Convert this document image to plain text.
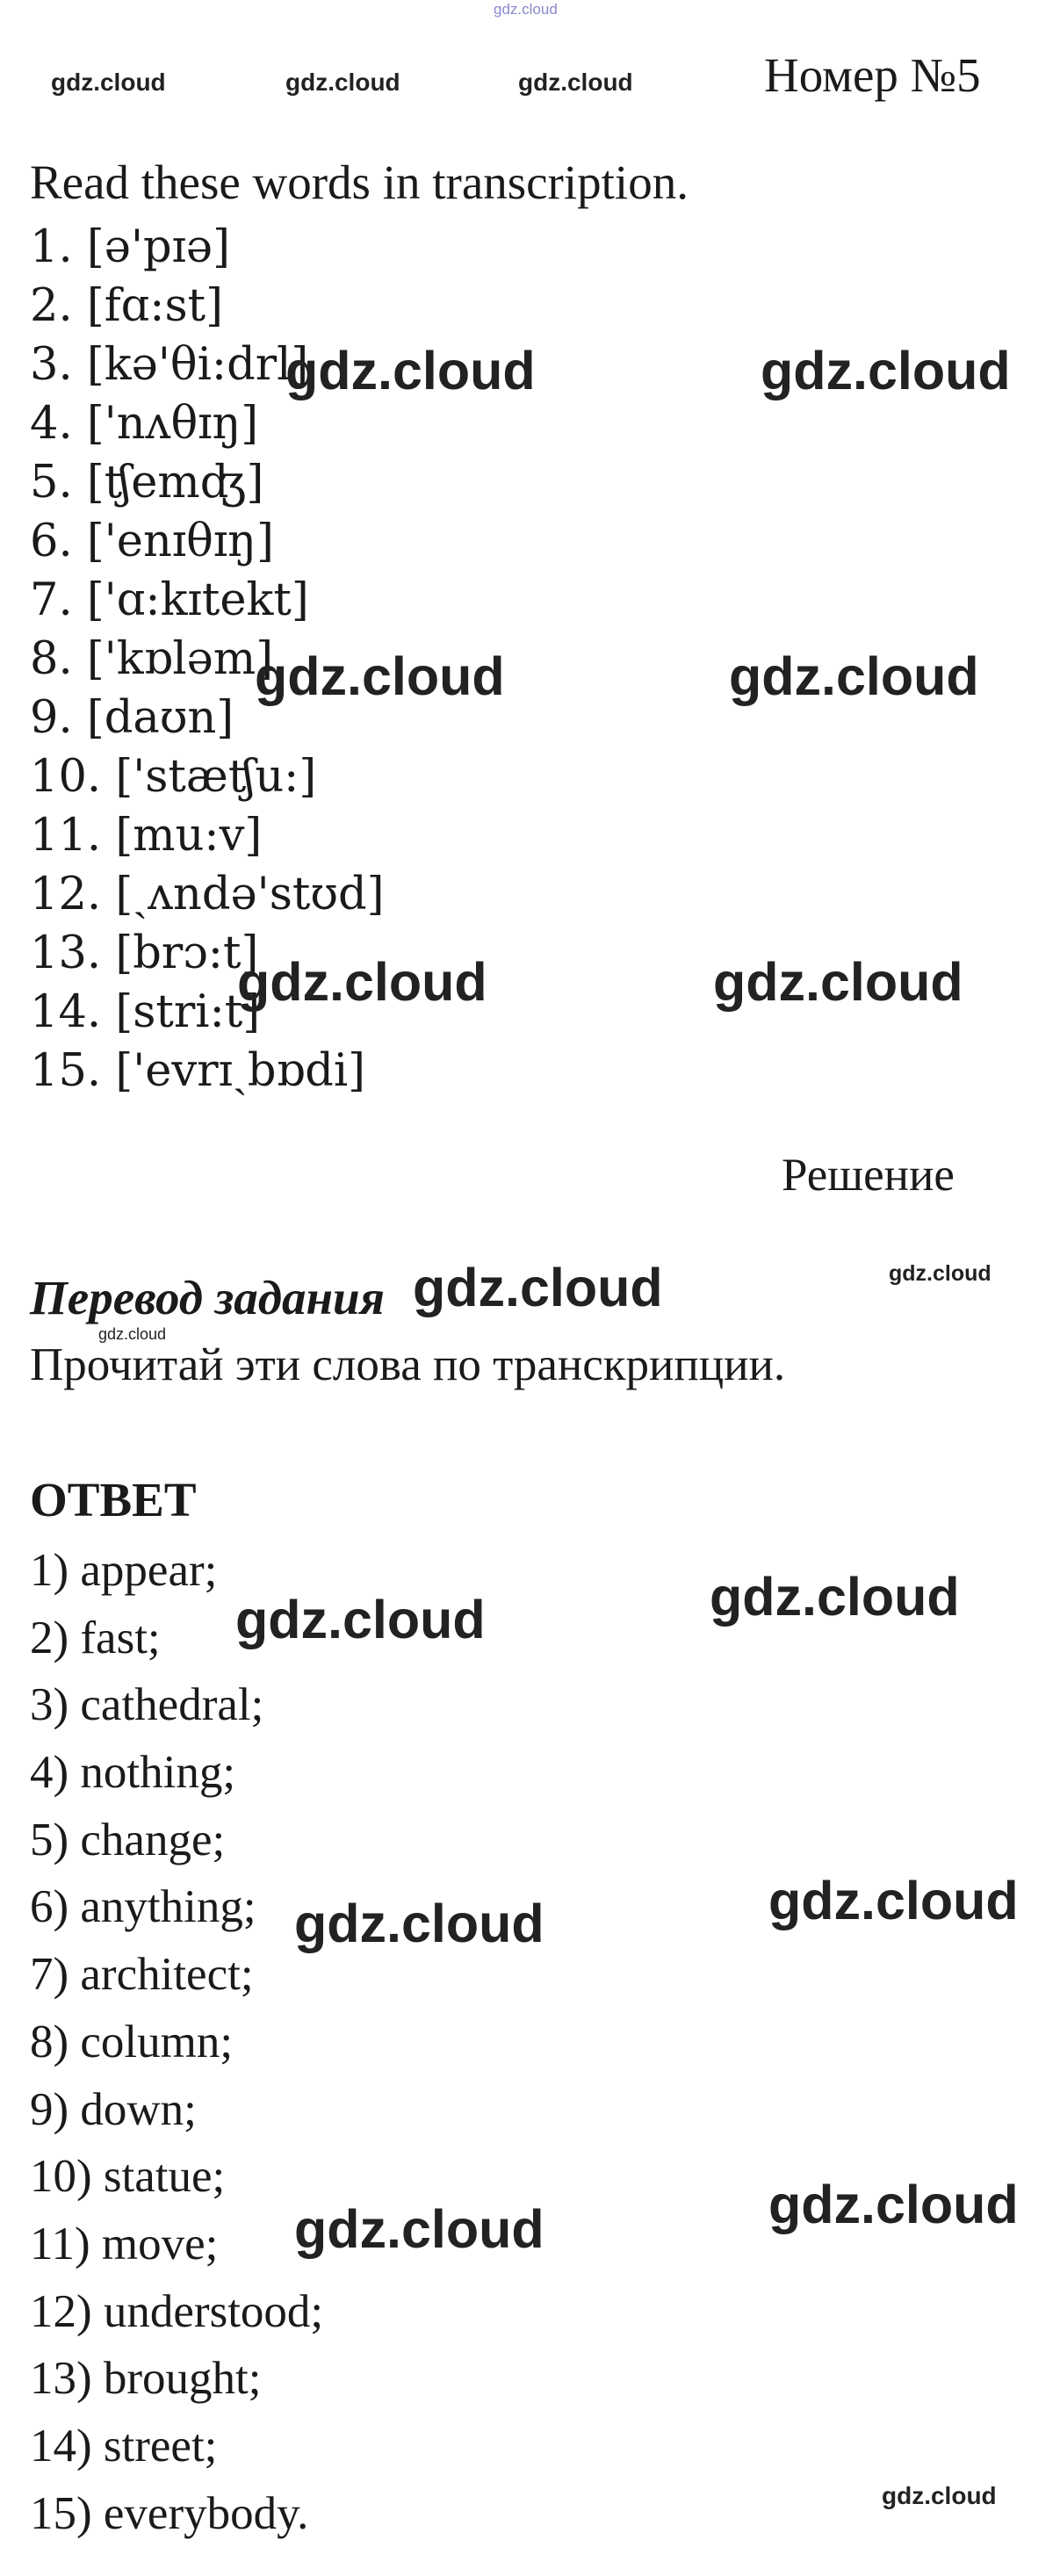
gdz.cloud
gdz.cloud	gdz.cloud	gdz.cloud	Номер №5
Read these words in transcription.
1. [ə'pɪə]
2. [fɑ:st]
3. [kə'θi:drl]
4. ['nʌθɪŋ]
5. [ʧemʤ]
6. ['enɪθɪŋ]
7. ['ɑ:kɪtekt]
8. ['kɒləm]
9. [daʊn]
10. ['stæʧu:]
11. [mu:v]
12. [ˏʌndə'stʊd]
13. [brɔ:t]
14. [stri:t]
15. ['evrɪˏbɒdi]
gdz.cloud	gdz.cloud
gdz.cloud	gdz.cloud
gdz.cloud	gdz.cloud
Решение
Перевод задания gdz.cloud	gdz.cloud
gdz.cloud
Прочитай эти слова по транскрипции.
ОТВЕТ
1) appear;
2) fast;
3) cathedral;
4) nothing;
5) change;
6) anything;
7) architect;
8) column;
9) down;
10) statue;
11) move;
12) understood;
13) brought;
14) street;
15) everybody.
gdz.cloud
gdz.cloud
gdz.cloud
gdz.cloud
gdz.cloud
gdz.cloud
gdz.cloud
